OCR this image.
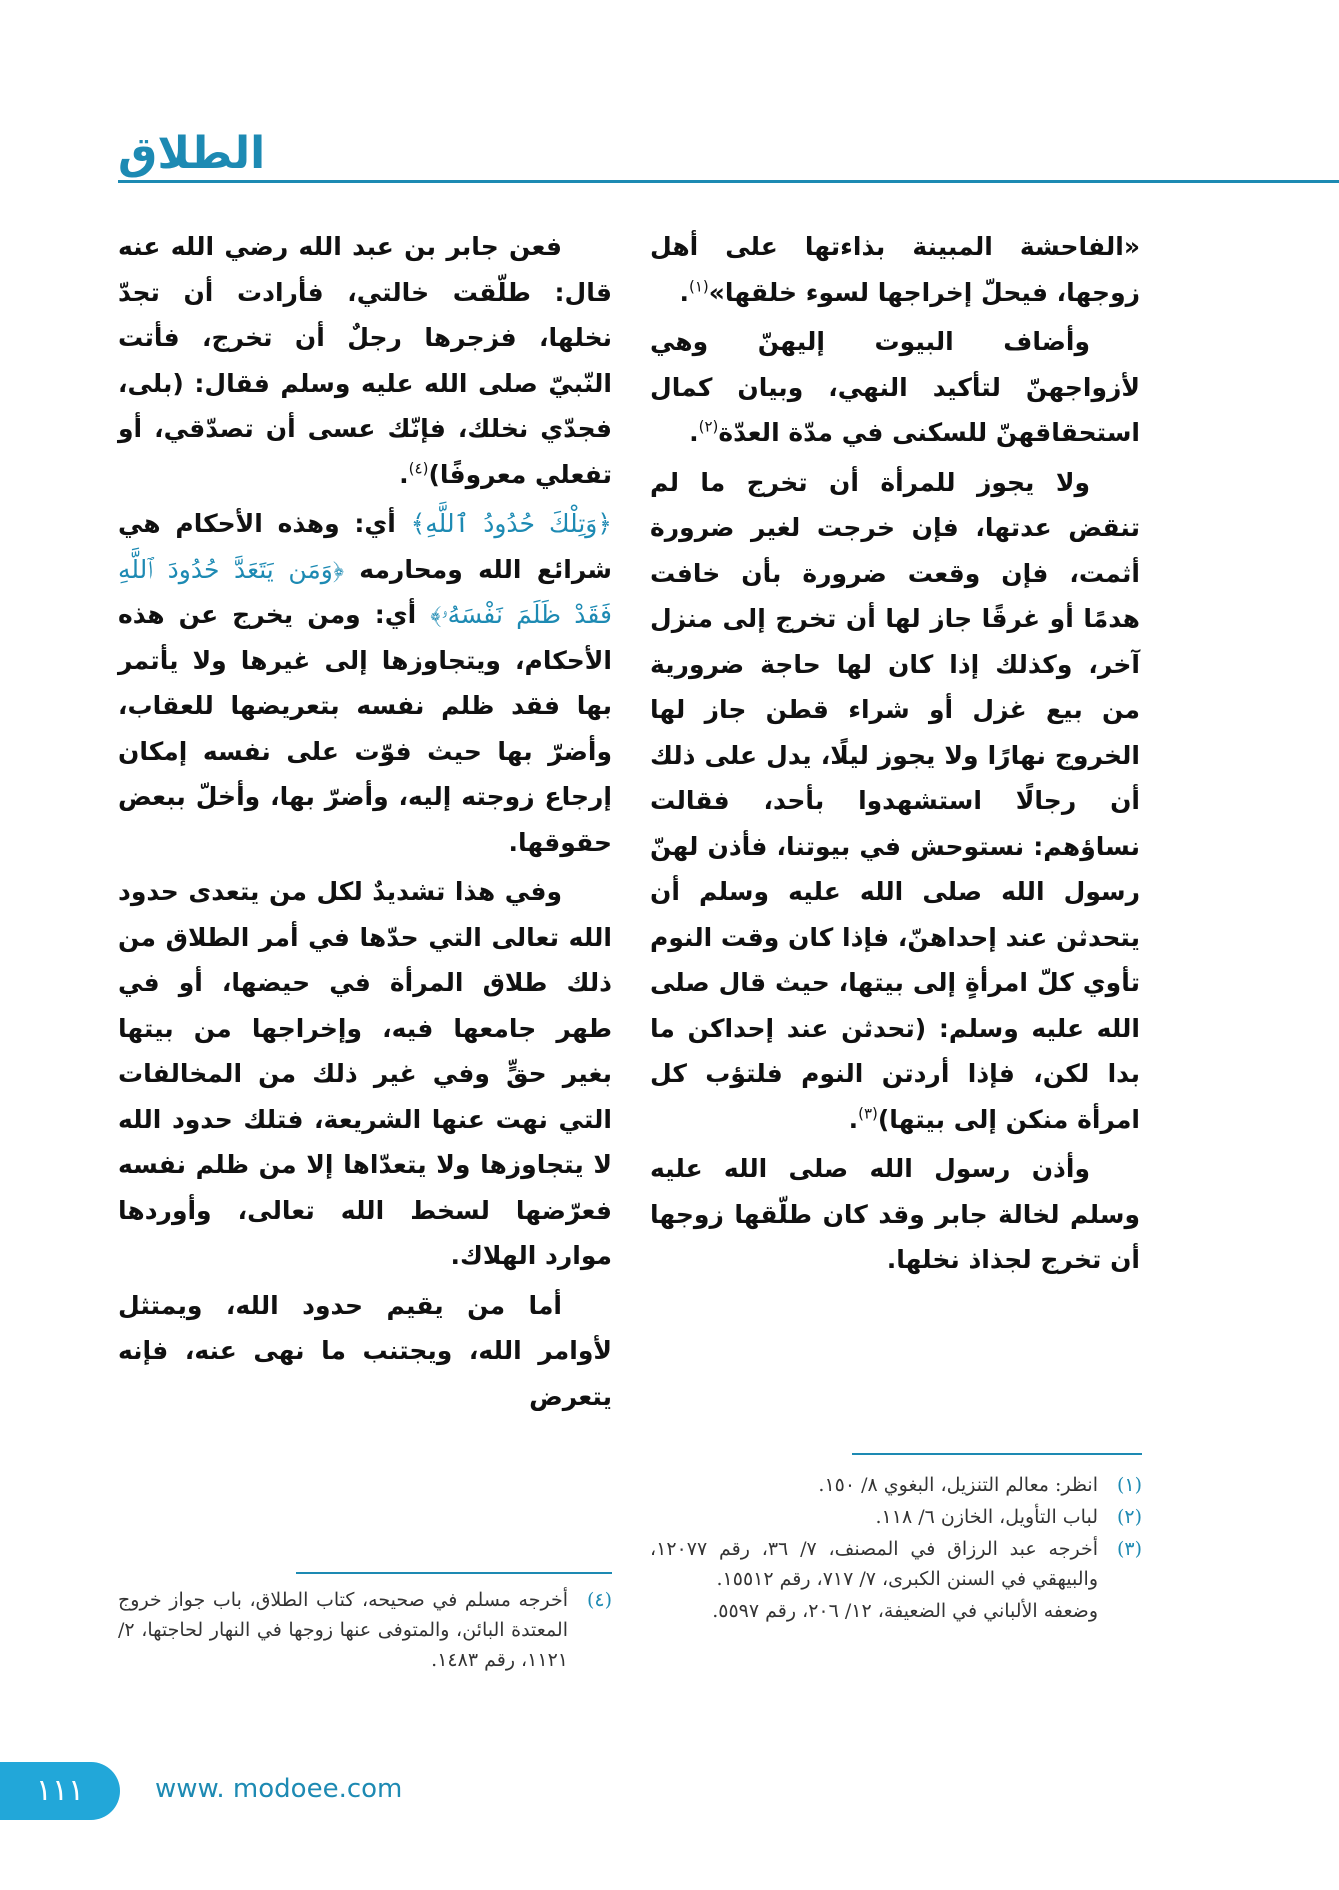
الطلاق

«الفاحشة المبينة بذاءتها على أهل زوجها، فيحلّ إخراجها لسوء خلقها»$^{(١)}$.

وأضاف البيوت إليهنّ وهي لأزواجهنّ لتأكيد النهي، وبيان كمال استحقاقهنّ للسكنى في مدّة العدّة$^{(٢)}$.

ولا يجوز للمرأة أن تخرج ما لم تنقض عدتها، فإن خرجت لغير ضرورة أثمت، فإن وقعت ضرورة بأن خافت هدمًا أو غرقًا جاز لها أن تخرج إلى منزل آخر، وكذلك إذا كان لها حاجة ضرورية من بيع غزل أو شراء قطن جاز لها الخروج نهارًا ولا يجوز ليلًا، يدل على ذلك أن رجالًا استشهدوا بأحد، فقالت نساؤهم: نستوحش في بيوتنا، فأذن لهنّ رسول الله صلى الله عليه وسلم أن يتحدثن عند إحداهنّ، فإذا كان وقت النوم تأوي كلّ امرأةٍ إلى بيتها، حيث قال صلى الله عليه وسلم: (تحدثن عند إحداكن ما بدا لكن، فإذا أردتن النوم فلتؤب كل امرأة منكن إلى بيتها)$^{(٣)}$.

وأذن رسول الله صلى الله عليه وسلم لخالة جابر وقد كان طلّقها زوجها أن تخرج لجذاذ نخلها.

فعن جابر بن عبد الله رضي الله عنه قال: طلّقت خالتي، فأرادت أن تجدّ نخلها، فزجرها رجلٌ أن تخرج، فأتت النّبيّ صلى الله عليه وسلم فقال: (بلى، فجدّي نخلك، فإنّك عسى أن تصدّقي، أو تفعلي معروفًا)$^{(٤)}$.

﴿وَتِلْكَ حُدُودُ ٱللَّهِ﴾ أي: وهذه الأحكام هي شرائع الله ومحارمه ﴿وَمَن يَتَعَدَّ حُدُودَ ٱللَّهِ فَقَدْ ظَلَمَ نَفْسَهُۥ﴾ أي: ومن يخرج عن هذه الأحكام، ويتجاوزها إلى غيرها ولا يأتمر بها فقد ظلم نفسه بتعريضها للعقاب، وأضرّ بها حيث فوّت على نفسه إمكان إرجاع زوجته إليه، وأضرّ بها، وأخلّ ببعض حقوقها.

وفي هذا تشديدٌ لكل من يتعدى حدود الله تعالى التي حدّها في أمر الطلاق من ذلك طلاق المرأة في حيضها، أو في طهر جامعها فيه، وإخراجها من بيتها بغير حقٍّ وفي غير ذلك من المخالفات التي نهت عنها الشريعة، فتلك حدود الله لا يتجاوزها ولا يتعدّاها إلا من ظلم نفسه فعرّضها لسخط الله تعالى، وأوردها موارد الهلاك.

أما من يقيم حدود الله، ويمتثل لأوامر الله، ويجتنب ما نهى عنه، فإنه يتعرض

(١)
انظر: معالم التنزيل، البغوي ٨/ ١٥٠.
(٢)
لباب التأويل، الخازن ٦/ ١١٨.
(٣)
أخرجه عبد الرزاق في المصنف، ٧/ ٣٦، رقم ١٢٠٧٧، والبيهقي في السنن الكبرى، ٧/ ٧١٧، رقم ١٥٥١٢.
وضعفه الألباني في الضعيفة، ١٢/ ٢٠٦، رقم ٥٥٩٧.
(٤)
أخرجه مسلم في صحيحه، كتاب الطلاق، باب جواز خروج المعتدة البائن، والمتوفى عنها زوجها في النهار لحاجتها، ٢/ ١١٢١، رقم ١٤٨٣.
١١١	www. modoee.com
